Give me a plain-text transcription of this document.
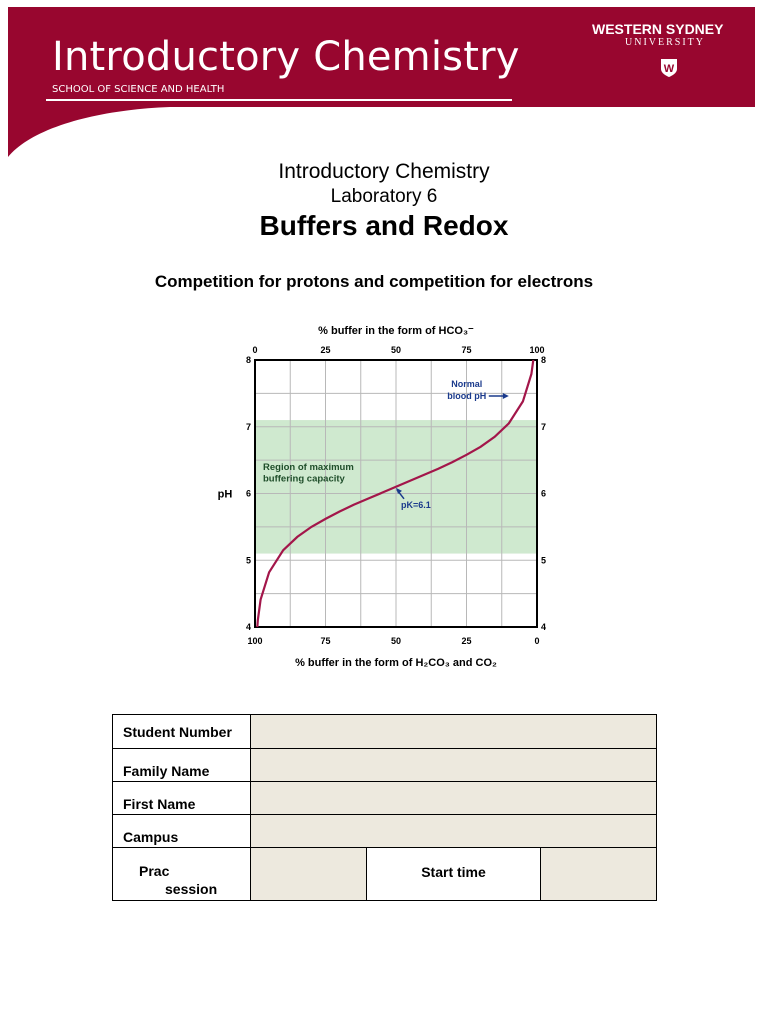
Introductory Chemistry
SCHOOL OF SCIENCE AND HEALTH
WESTERN SYDNEY
UNIVERSITY
W
Introductory Chemistry
Laboratory 6
Buffers and Redox
Competition for protons and competition for electrons
% buffer in the form of HCO₃⁻
% buffer in the form of H₂CO₃ and CO₂
0	25	50	75	100
100	75	50	25	0
4	4
5	5
6	6
7	7
8	8
pH
Region of maximum
buffering capacity
Normal
blood pH
pK=6.1
Student Number			
Family Name			
First Name			
Campus			

Prac
session		Start time	
